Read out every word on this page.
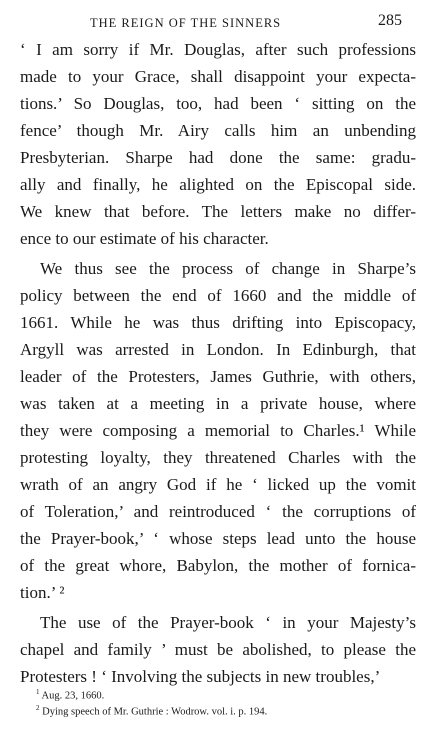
THE REIGN OF THE SINNERS	285
‘ I am sorry if Mr. Douglas, after such professions
made to your Grace, shall disappoint your expecta-
tions.’ So Douglas, too, had been ‘ sitting on the
fence’ though Mr. Airy calls him an unbending
Presbyterian. Sharpe had done the same: gradu-
ally and finally, he alighted on the Episcopal side.
We knew that before. The letters make no differ-
ence to our estimate of his character.
We thus see the process of change in Sharpe’s
policy between the end of 1660 and the middle of
1661. While he was thus drifting into Episcopacy,
Argyll was arrested in London. In Edinburgh, that
leader of the Protesters, James Guthrie, with others,
was taken at a meeting in a private house, where
they were composing a memorial to Charles.¹ While
protesting loyalty, they threatened Charles with the
wrath of an angry God if he ‘ licked up the vomit
of Toleration,’ and reintroduced ‘ the corruptions of
the Prayer-book,’ ‘ whose steps lead unto the house
of the great whore, Babylon, the mother of fornica-
tion.’ ²
The use of the Prayer-book ‘ in your Majesty’s
chapel and family ’ must be abolished, to please the
Protesters ! ‘ Involving the subjects in new troubles,’
$^1$ Aug. 23, 1660.
$^2$ Dying speech of Mr. Guthrie : Wodrow. vol. i. p. 194.
